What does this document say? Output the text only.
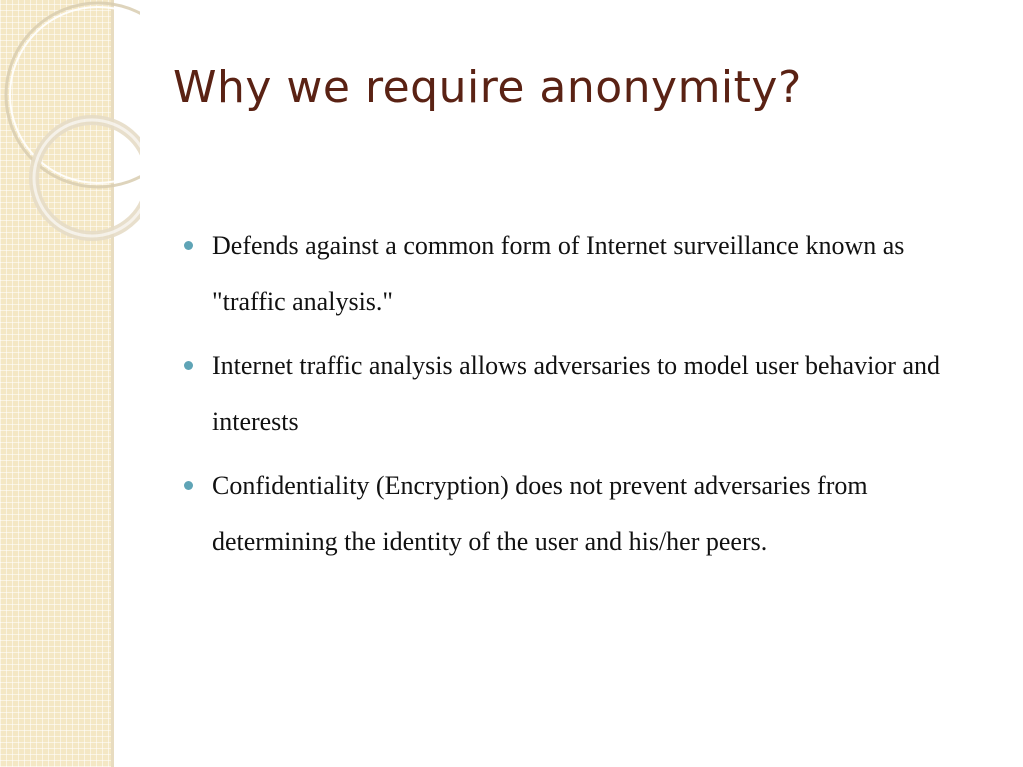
Why we require anonymity?
Defends against a common form of Internet surveillance known as "traffic analysis."
Internet traffic analysis allows adversaries to model user behavior and interests
Confidentiality (Encryption) does not prevent adversaries from determining the identity of the user and his/her peers.
